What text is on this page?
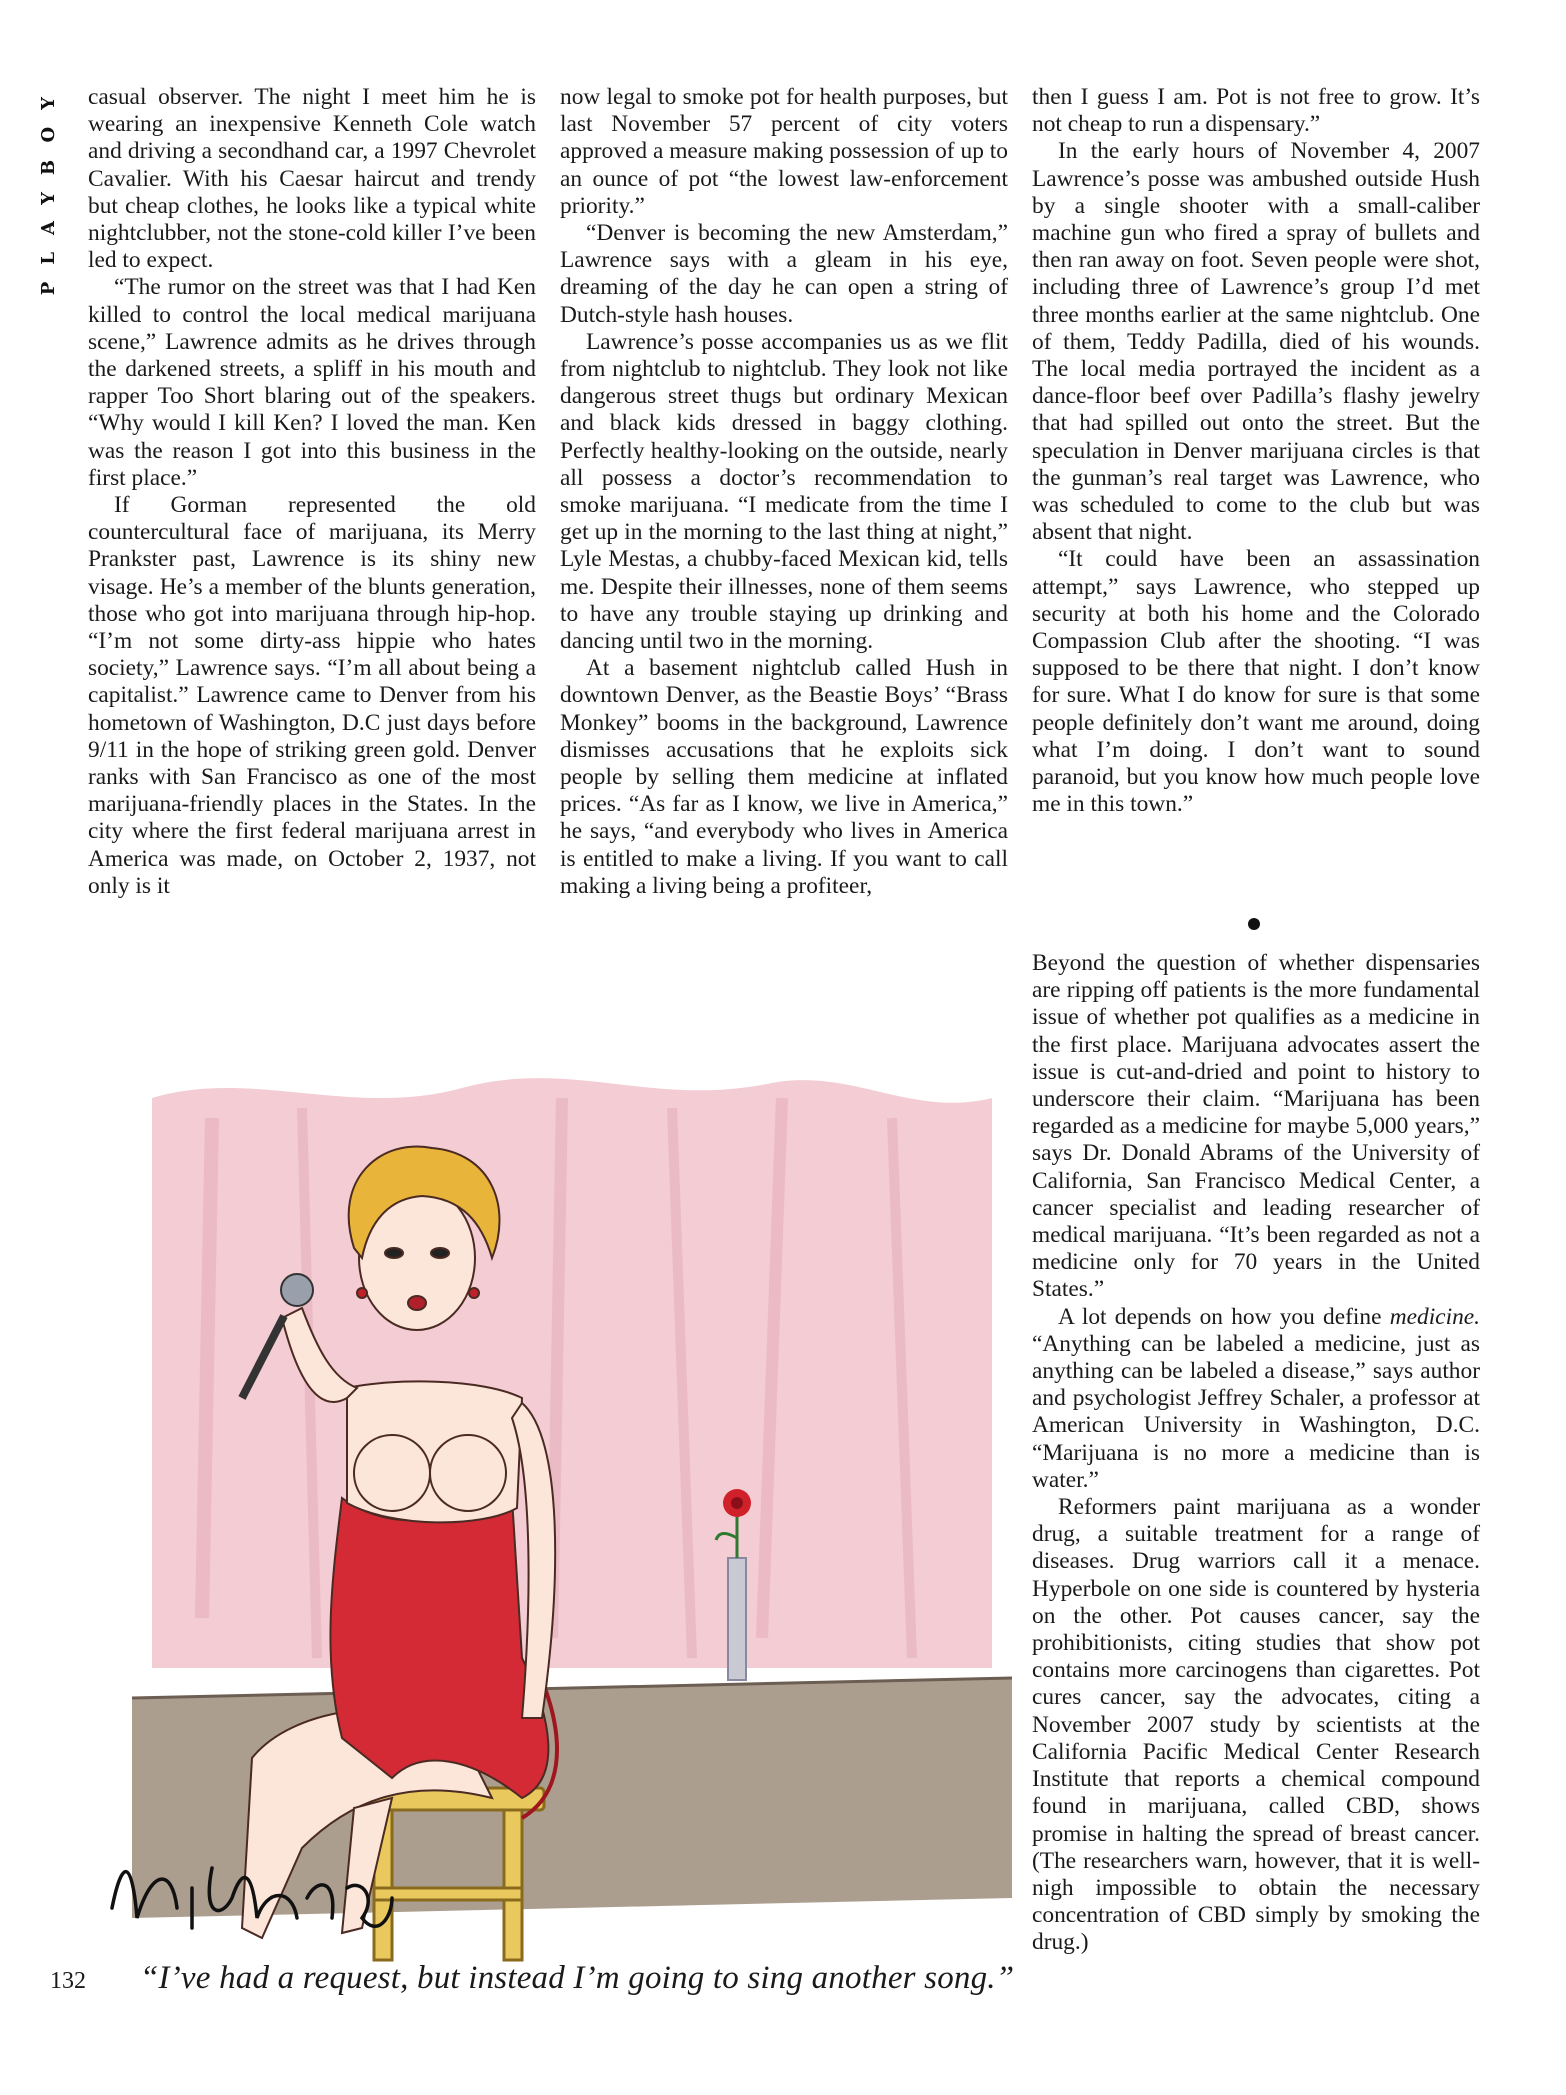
PLAYBOY casual observer. The night I meet him he is wearing an inexpensive Kenneth Cole watch and driving a secondhand car, a 1997 Chevrolet Cavalier. With his Caesar haircut and trendy but cheap clothes, he looks like a typical white nightclubber, not the stone-cold killer I’ve been led to expect.

“The rumor on the street was that I had Ken killed to control the local medical marijuana scene,” Lawrence admits as he drives through the darkened streets, a spliff in his mouth and rapper Too Short blaring out of the speakers. “Why would I kill Ken? I loved the man. Ken was the reason I got into this business in the first place.”

If Gorman represented the old countercultural face of marijuana, its Merry Prankster past, Lawrence is its shiny new visage. He’s a member of the blunts generation, those who got into marijuana through hip-hop. “I’m not some dirty-ass hippie who hates society,” Lawrence says. “I’m all about being a capitalist.” Lawrence came to Denver from his hometown of Washington, D.C just days before 9/11 in the hope of striking green gold. Denver ranks with San Francisco as one of the most marijuana-friendly places in the States. In the city where the first federal marijuana arrest in America was made, on October 2, 1937, not only is it

now legal to smoke pot for health purposes, but last November 57 percent of city voters approved a measure making possession of up to an ounce of pot “the lowest law-enforcement priority.”

“Denver is becoming the new Amsterdam,” Lawrence says with a gleam in his eye, dreaming of the day he can open a string of Dutch-style hash houses.

Lawrence’s posse accompanies us as we flit from nightclub to nightclub. They look not like dangerous street thugs but ordinary Mexican and black kids dressed in baggy clothing. Perfectly healthy-looking on the outside, nearly all possess a doctor’s recommendation to smoke marijuana. “I medicate from the time I get up in the morning to the last thing at night,” Lyle Mestas, a chubby-faced Mexican kid, tells me. Despite their illnesses, none of them seems to have any trouble staying up drinking and dancing until two in the morning.

At a basement nightclub called Hush in downtown Denver, as the Beastie Boys’ “Brass Monkey” booms in the background, Lawrence dismisses accusations that he exploits sick people by selling them medicine at inflated prices. “As far as I know, we live in America,” he says, “and everybody who lives in America is entitled to make a living. If you want to call making a living being a profiteer,

then I guess I am. Pot is not free to grow. It’s not cheap to run a dispensary.”

In the early hours of November 4, 2007 Lawrence’s posse was ambushed outside Hush by a single shooter with a small-caliber machine gun who fired a spray of bullets and then ran away on foot. Seven people were shot, including three of Lawrence’s group I’d met three months earlier at the same nightclub. One of them, Teddy Padilla, died of his wounds. The local media portrayed the incident as a dance-floor beef over Padilla’s flashy jewelry that had spilled out onto the street. But the speculation in Denver marijuana circles is that the gunman’s real target was Lawrence, who was scheduled to come to the club but was absent that night.

“It could have been an assassination attempt,” says Lawrence, who stepped up security at both his home and the Colorado Compassion Club after the shooting. “I was supposed to be there that night. I don’t know for sure. What I do know for sure is that some people definitely don’t want me around, doing what I’m doing. I don’t want to sound paranoid, but you know how much people love me in this town.”

Beyond the question of whether dispensaries are ripping off patients is the more fundamental issue of whether pot qualifies as a medicine in the first place. Marijuana advocates assert the issue is cut-and-dried and point to history to underscore their claim. “Marijuana has been regarded as a medicine for maybe 5,000 years,” says Dr. Donald Abrams of the University of California, San Francisco Medical Center, a cancer specialist and leading researcher of medical marijuana. “It’s been regarded as not a medicine only for 70 years in the United States.”

A lot depends on how you define medicine. “Anything can be labeled a medicine, just as anything can be labeled a disease,” says author and psychologist Jeffrey Schaler, a professor at American University in Washington, D.C. “Marijuana is no more a medicine than is water.”

Reformers paint marijuana as a wonder drug, a suitable treatment for a range of diseases. Drug warriors call it a menace. Hyperbole on one side is countered by hysteria on the other. Pot causes cancer, say the prohibitionists, citing studies that show pot contains more carcinogens than cigarettes. Pot cures cancer, say the advocates, citing a November 2007 study by scientists at the California Pacific Medical Center Research Institute that reports a chemical compound found in marijuana, called CBD, shows promise in halting the spread of breast cancer. (The researchers warn, however, that it is well-nigh impossible to obtain the necessary concentration of CBD simply by smoking the drug.)

132 “I’ve had a request, but instead I’m going to sing another song.”
